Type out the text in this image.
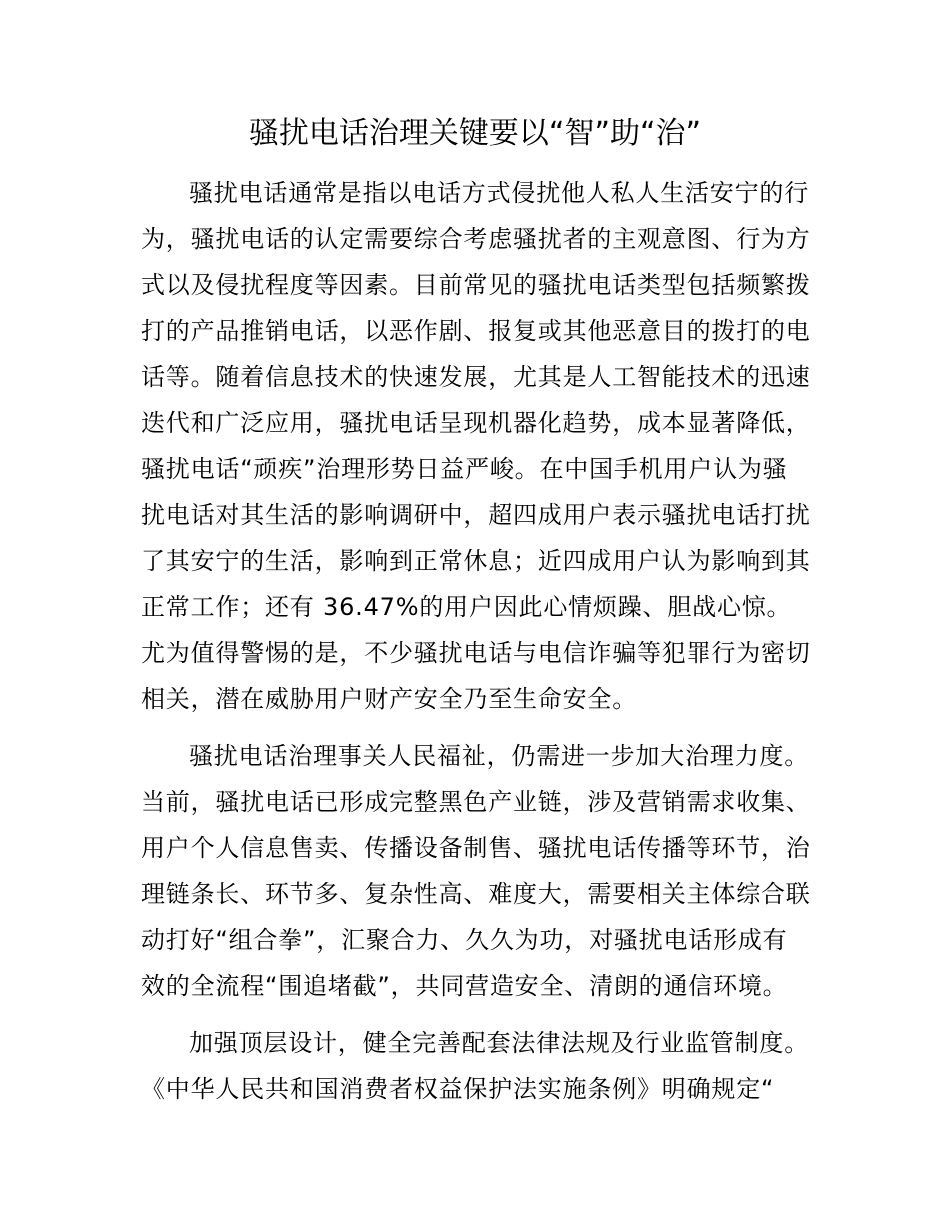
骚扰电话治理关键要以“智”助“治”
骚扰电话通常是指以电话方式侵扰他人私人生活安宁的行
为，骚扰电话的认定需要综合考虑骚扰者的主观意图、行为方
式以及侵扰程度等因素。目前常见的骚扰电话类型包括频繁拨
打的产品推销电话，以恶作剧、报复或其他恶意目的拨打的电
话等。随着信息技术的快速发展，尤其是人工智能技术的迅速
迭代和广泛应用，骚扰电话呈现机器化趋势，成本显著降低，
骚扰电话“顽疾”治理形势日益严峻。在中国手机用户认为骚
扰电话对其生活的影响调研中，超四成用户表示骚扰电话打扰
了其安宁的生活，影响到正常休息；近四成用户认为影响到其
正常工作；还有 36.47%的用户因此心情烦躁、胆战心惊。
尤为值得警惕的是，不少骚扰电话与电信诈骗等犯罪行为密切
相关，潜在威胁用户财产安全乃至生命安全。
骚扰电话治理事关人民福祉，仍需进一步加大治理力度。
当前，骚扰电话已形成完整黑色产业链，涉及营销需求收集、
用户个人信息售卖、传播设备制售、骚扰电话传播等环节，治
理链条长、环节多、复杂性高、难度大，需要相关主体综合联
动打好“组合拳”，汇聚合力、久久为功，对骚扰电话形成有
效的全流程“围追堵截”，共同营造安全、清朗的通信环境。
加强顶层设计，健全完善配套法律法规及行业监管制度。
《中华人民共和国消费者权益保护法实施条例》明确规定“
